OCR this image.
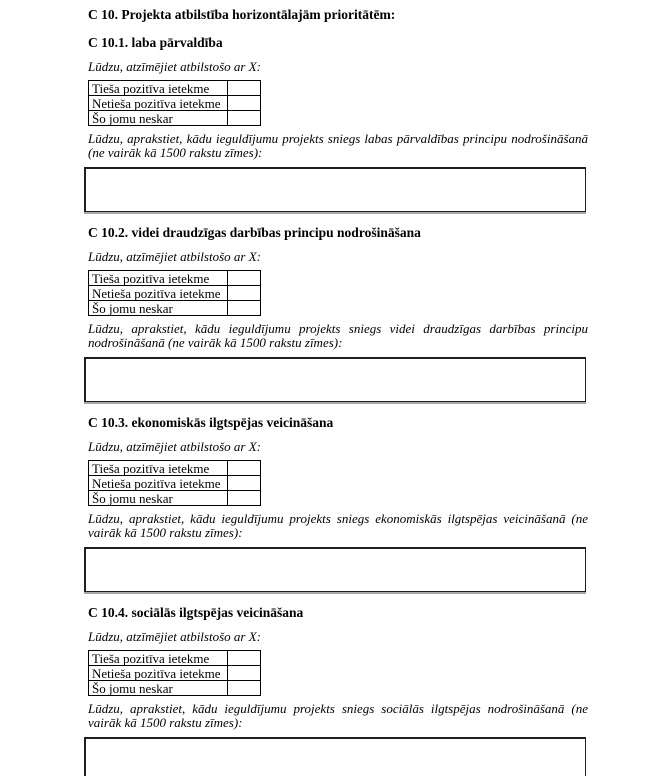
C 10. Projekta atbilstība horizontālajām prioritātēm:
C 10.1. laba pārvaldība

Lūdzu, atzīmējiet atbilstošo ar X:

Tieša pozitīva ietekme	
Netieša pozitīva ietekme	
Šo jomu neskar	

Lūdzu, aprakstiet, kādu ieguldījumu projekts sniegs labas pārvaldības principu nodrošināšanā (ne vairāk kā 1500 rakstu zīmes):

C 10.2. videi draudzīgas darbības principu nodrošināšana

Lūdzu, atzīmējiet atbilstošo ar X:

Tieša pozitīva ietekme	
Netieša pozitīva ietekme	
Šo jomu neskar	

Lūdzu, aprakstiet, kādu ieguldījumu projekts sniegs videi draudzīgas darbības principu nodrošināšanā (ne vairāk kā 1500 rakstu zīmes):

C 10.3. ekonomiskās ilgtspējas veicināšana

Lūdzu, atzīmējiet atbilstošo ar X:

Tieša pozitīva ietekme	
Netieša pozitīva ietekme	
Šo jomu neskar	

Lūdzu, aprakstiet, kādu ieguldījumu projekts sniegs ekonomiskās ilgtspējas veicināšanā (ne vairāk kā 1500 rakstu zīmes):

C 10.4. sociālās ilgtspējas veicināšana

Lūdzu, atzīmējiet atbilstošo ar X:

Tieša pozitīva ietekme	
Netieša pozitīva ietekme	
Šo jomu neskar	

Lūdzu, aprakstiet, kādu ieguldījumu projekts sniegs sociālās ilgtspējas nodrošināšanā (ne vairāk kā 1500 rakstu zīmes):
